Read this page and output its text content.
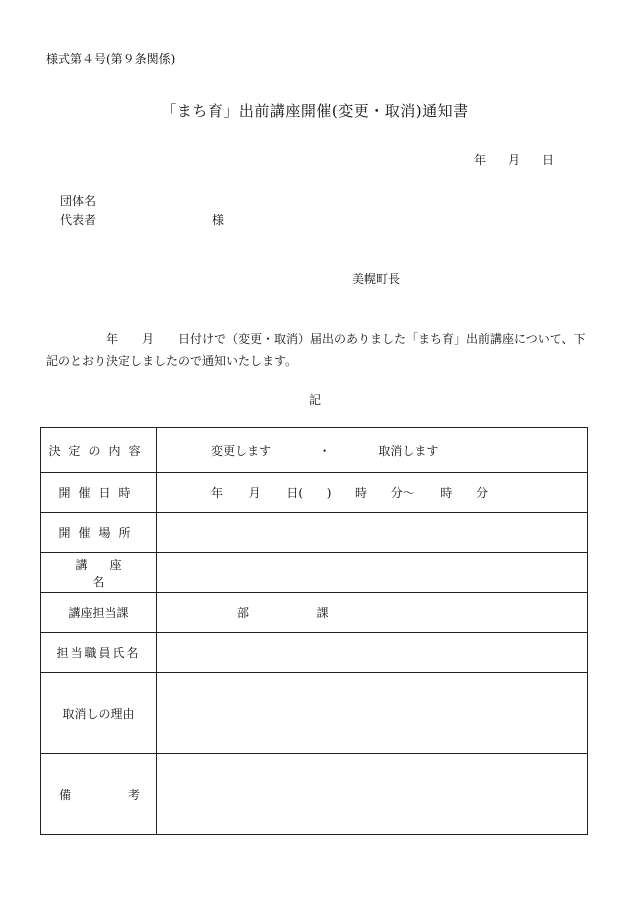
様式第４号(第９条関係)
「まち育」出前講座開催(変更・取消)通知書
年 月 日
団体名
代表者	様
美幌町長
年　　月　　日付けで（変更・取消）届出のありました「まち育」出前講座について、下記のとおり決定しましたので通知いたします。
記
決定の内容	変更します ・ 取消します
開催日時	年 月 日( ) 時 分～ 時 分
開催場所	
講座名	
講座担当課	部 課
担当職員氏名	
取消しの理由	

備 考	
